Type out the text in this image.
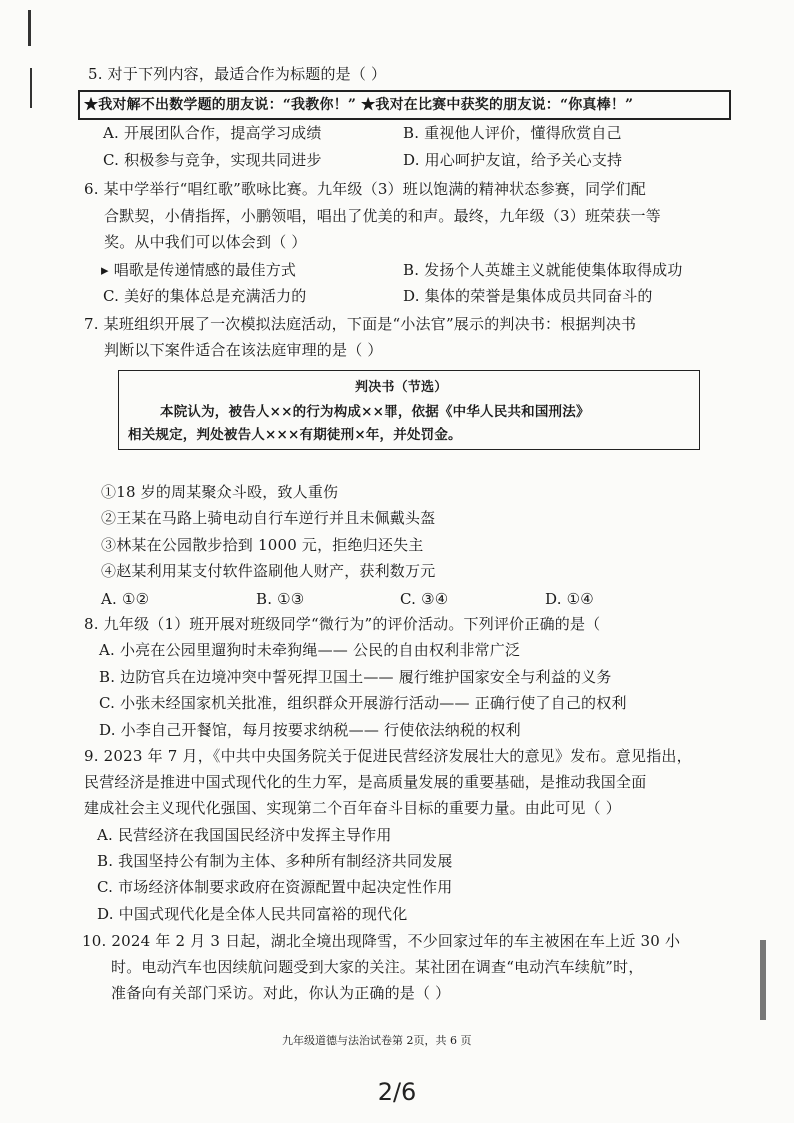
5. 对于下列内容，最适合作为标题的是（ ）
★我对解不出数学题的朋友说：“我教你！” ★我对在比赛中获奖的朋友说：“你真棒！”
A. 开展团队合作，提高学习成绩	B. 重视他人评价，懂得欣赏自己
C. 积极参与竞争，实现共同进步	D. 用心呵护友谊，给予关心支持
6. 某中学举行“唱红歌”歌咏比赛。九年级（3）班以饱满的精神状态参赛，同学们配
合默契，小倩指挥，小鹏领唱，唱出了优美的和声。最终，九年级（3）班荣获一等
奖。从中我们可以体会到（ ）
▸ 唱歌是传递情感的最佳方式	B. 发扬个人英雄主义就能使集体取得成功
C. 美好的集体总是充满活力的	D. 集体的荣誉是集体成员共同奋斗的
7. 某班组织开展了一次模拟法庭活动，下面是“小法官”展示的判决书：根据判决书
判断以下案件适合在该法庭审理的是（ ）
判决书（节选）
本院认为，被告人××的行为构成××罪，依据《中华人民共和国刑法》
相关规定，判处被告人×××有期徒刑×年，并处罚金。
①18 岁的周某聚众斗殴，致人重伤
②王某在马路上骑电动自行车逆行并且未佩戴头盔
③林某在公园散步拾到 1000 元，拒绝归还失主
④赵某利用某支付软件盗刷他人财产，获利数万元
A. ①②	B. ①③	C. ③④	D. ①④
8. 九年级（1）班开展对班级同学“微行为”的评价活动。下列评价正确的是（
A. 小亮在公园里遛狗时未牵狗绳—— 公民的自由权利非常广泛
B. 边防官兵在边境冲突中誓死捍卫国土—— 履行维护国家安全与利益的义务
C. 小张未经国家机关批准，组织群众开展游行活动—— 正确行使了自己的权利
D. 小李自己开餐馆，每月按要求纳税—— 行使依法纳税的权利
9. 2023 年 7 月，《中共中央国务院关于促进民营经济发展壮大的意见》发布。意见指出，
民营经济是推进中国式现代化的生力军，是高质量发展的重要基础，是推动我国全面
建成社会主义现代化强国、实现第二个百年奋斗目标的重要力量。由此可见（ ）
A. 民营经济在我国国民经济中发挥主导作用
B. 我国坚持公有制为主体、多种所有制经济共同发展
C. 市场经济体制要求政府在资源配置中起决定性作用
D. 中国式现代化是全体人民共同富裕的现代化
10. 2024 年 2 月 3 日起，湖北全境出现降雪，不少回家过年的车主被困在车上近 30 小
时。电动汽车也因续航问题受到大家的关注。某社团在调查“电动汽车续航”时，
准备向有关部门采访。对此，你认为正确的是（ ）
九年级道德与法治试卷第 2页，共 6 页
2/6
